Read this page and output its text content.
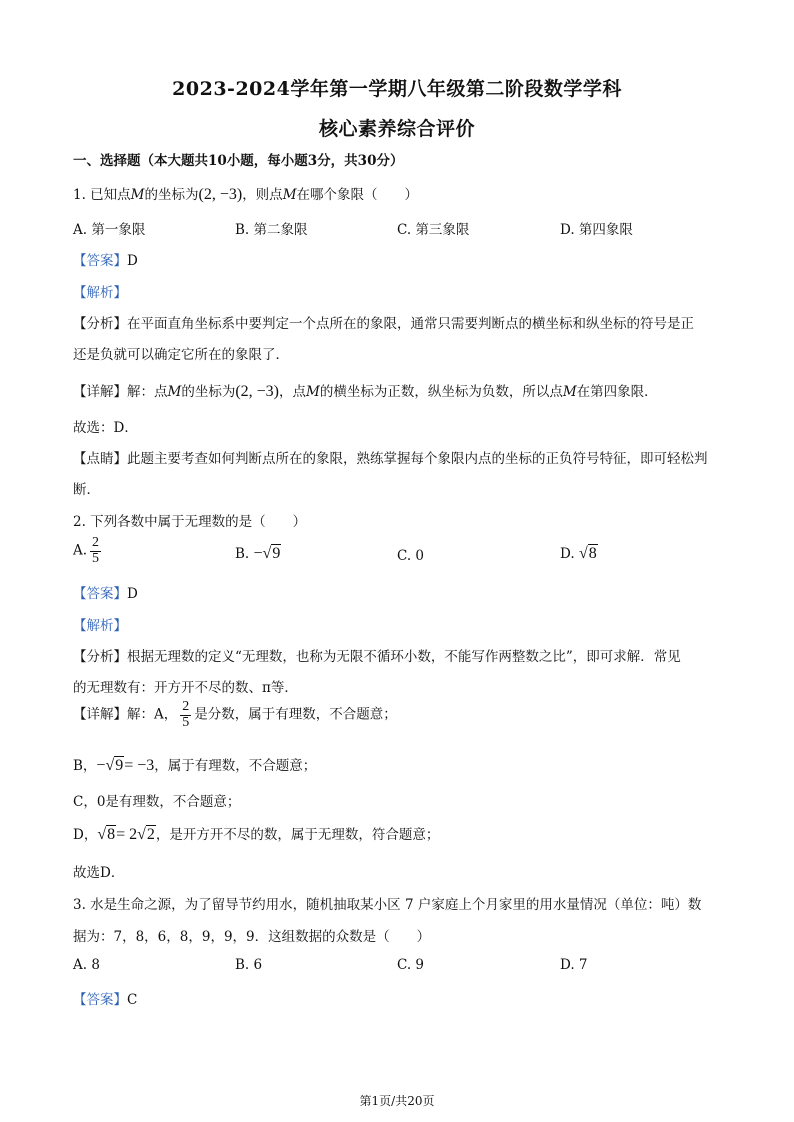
2023-2024学年第一学期八年级第二阶段数学学科
核心素养综合评价
一、选择题（本大题共10小题，每小题3分，共30分）
1. 已知点M的坐标为(2, −3)，则点M在哪个象限（　　）
A. 第一象限	B. 第二象限	C. 第三象限	D. 第四象限
【答案】D
【解析】
【分析】在平面直角坐标系中要判定一个点所在的象限，通常只需要判断点的横坐标和纵坐标的符号是正
还是负就可以确定它所在的象限了．
【详解】解：点M的坐标为(2, −3)，点M的横坐标为正数，纵坐标为负数，所以点M在第四象限．
故选：D．
【点睛】此题主要考查如何判断点所在的象限，熟练掌握每个象限内点的坐标的正负符号特征，即可轻松判
断．
2. 下列各数中属于无理数的是（　　）
A. $\frac{2}{5}$	B. −√9	C. 0	D. √8
【答案】D
【解析】
【分析】根据无理数的定义“无理数，也称为无限不循环小数，不能写作两整数之比”，即可求解．常见
的无理数有：开方开不尽的数、π等．
【详解】解：A， $\frac{2}{5}$ 是分数，属于有理数，不合题意；
B，−√9= −3，属于有理数，不合题意；
C，0是有理数，不合题意；
D，√8= 2√2，是开方开不尽的数，属于无理数，符合题意；
故选D．
3. 水是生命之源，为了留导节约用水，随机抽取某小区 7 户家庭上个月家里的用水量情况（单位：吨）数
据为：7，8，6，8，9，9，9．这组数据的众数是（　　）
A. 8	B. 6	C. 9	D. 7
【答案】C
第1页/共20页
